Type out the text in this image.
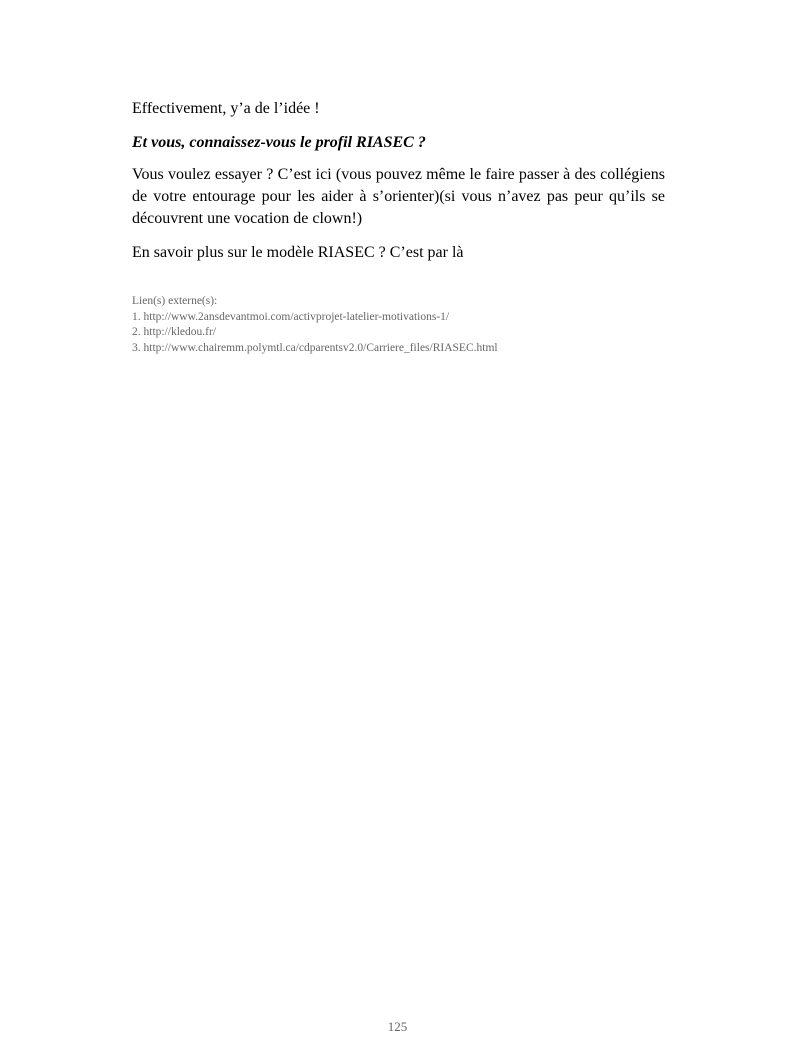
Effectivement, y’a de l’idée !

Et vous, connaissez-vous le profil RIASEC ?

Vous voulez essayer ? C’est ici (vous pouvez même le faire passer à des collégiens de votre entourage pour les aider à s’orienter)(si vous n’avez pas peur qu’ils se découvrent une vocation de clown!)

En savoir plus sur le modèle RIASEC ? C’est par là

Lien(s) externe(s):
1. http://www.2ansdevantmoi.com/activprojet-latelier-motivations-1/
2. http://kledou.fr/
3. http://www.chairemm.polymtl.ca/cdparentsv2.0/Carriere_files/RIASEC.html
125
